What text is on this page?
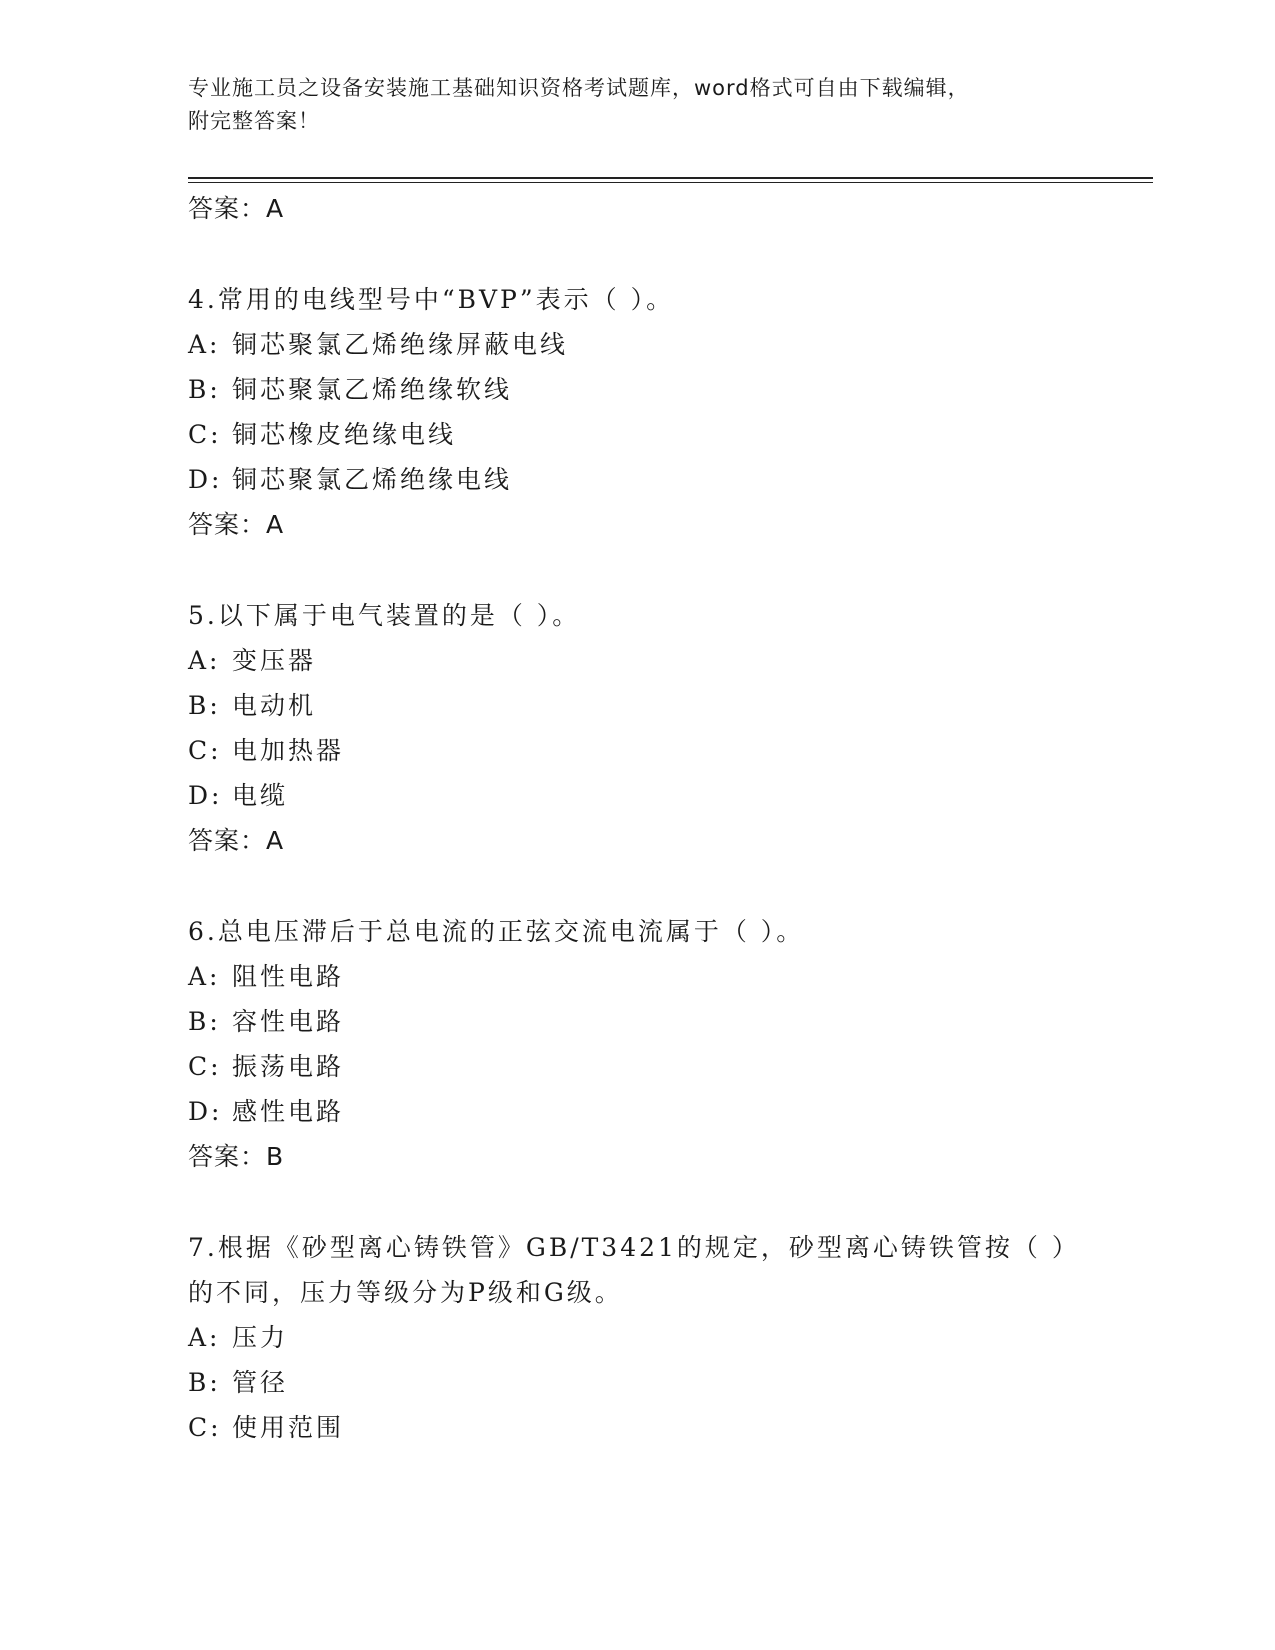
专业施工员之设备安装施工基础知识资格考试题库，word格式可自由下载编辑，
附完整答案！
答案：A
4.常用的电线型号中“BVP”表示（ ）。
A: 铜芯聚氯乙烯绝缘屏蔽电线
B: 铜芯聚氯乙烯绝缘软线
C: 铜芯橡皮绝缘电线
D: 铜芯聚氯乙烯绝缘电线
答案：A
5.以下属于电气装置的是（ ）。
A: 变压器
B: 电动机
C: 电加热器
D: 电缆
答案：A
6.总电压滞后于总电流的正弦交流电流属于（ ）。
A: 阻性电路
B: 容性电路
C: 振荡电路
D: 感性电路
答案：B
7.根据《砂型离心铸铁管》GB/T3421的规定，砂型离心铸铁管按（ ）
的不同，压力等级分为P级和G级。
A: 压力
B: 管径
C: 使用范围
